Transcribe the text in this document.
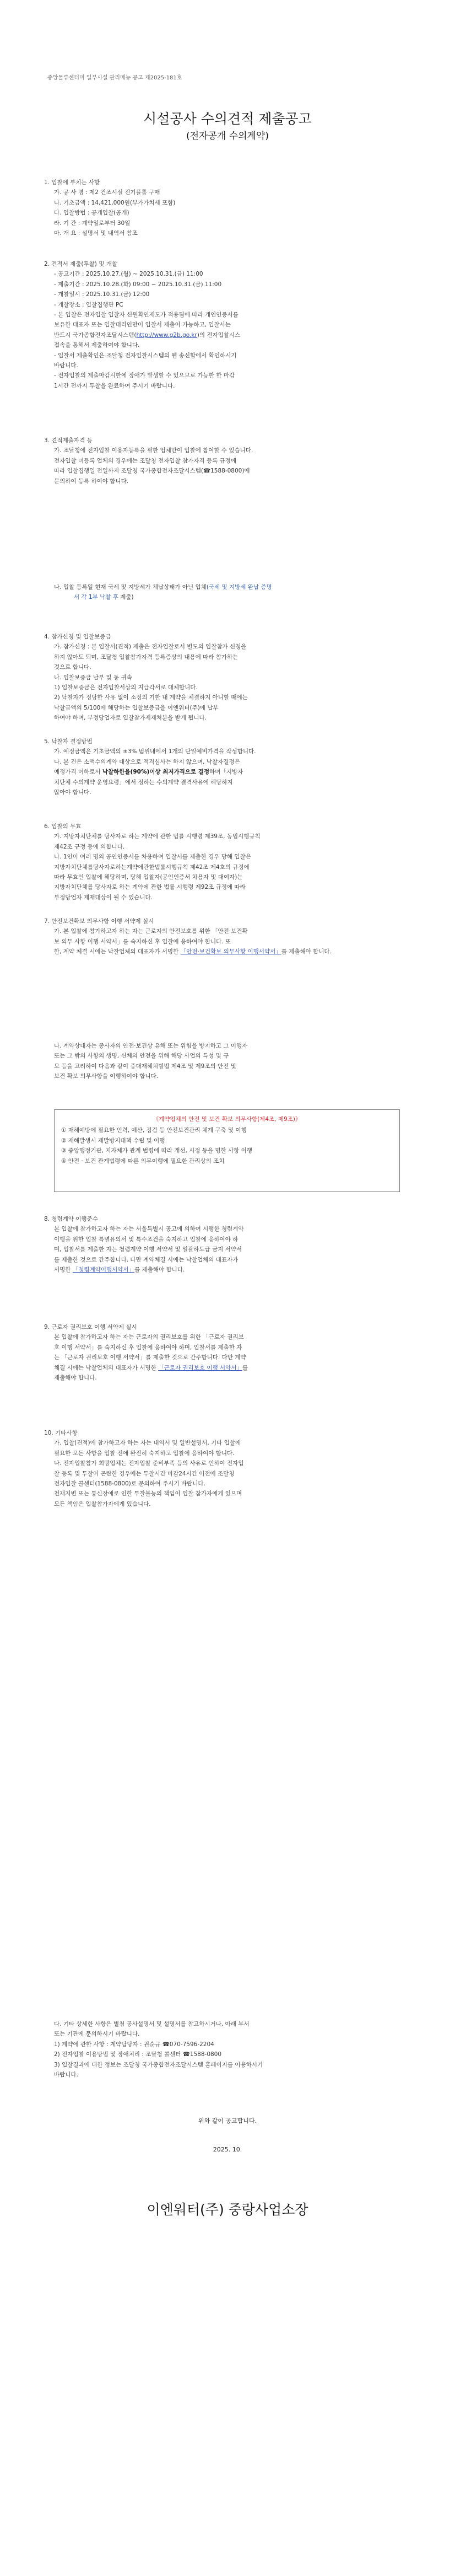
중앙물류센터미 일부시설 관리매뉴 공고 제2025-181호
시설공사 수의견적 제출공고
(전자공개 수의계약)
1. 입찰에 부치는 사항
가. 공 사 명 : 제2 건조시설 전기플룸 구매
나. 기초금액 : 14,421,000원(부가가치세 포함)
다. 입찰방법 : 공개입찰(공개)
라. 기 간 : 계약일로부터 30일
마. 개 요 : 설명서 및 내역서 참조
2. 견적서 제출(투찰) 및 개찰
- 공고기간 : 2025.10.27.(월) ~ 2025.10.31.(금) 11:00
- 제출기간 : 2025.10.28.(화) 09:00 ~ 2025.10.31.(금) 11:00
- 개찰일시 : 2025.10.31.(금) 12:00
- 개찰장소 : 입찰집행관 PC
- 본 입찰은 전자입찰 입찰자 신원확인제도가 적용됨에 따라 개인인증서를
보유한 대표자 또는 입찰대리인만이 입찰서 제출이 가능하고, 입찰서는
반드시 국가종합전자조달시스템(http://www.g2b.go.kr)의 전자입찰시스
접속을 통해서 제출하여야 합니다.
- 입찰서 제출확인은 조달청 전자입찰시스템의 웹 송신함에서 확인하시기
바랍니다.
- 전자입찰의 제출마감시한에 장애가 발생할 수 있으므로 가능한 한 마감
1시간 전까지 투찰을 완료하여 주시기 바랍니다.
3. 견적제출자격 등
가. 조달청에 전자입찰 이용자등록을 필한 업체만이 입찰에 참여할 수 있습니다.
전자입찰 미등록 업체의 경우에는 조달청 전자입찰 참가자격 등록 규정에
따라 입찰집행일 전일까지 조달청 국가종합전자조달시스템(☎1588-0800)에
문의하여 등록 하여야 합니다.
나. 입찰 등록일 현재 국세 및 지방세가 체납상태가 아닌 업체(국세 및 지방세 완납 증명
서 각 1부 낙찰 후 제출)
4. 참가신청 및 입찰보증금
가. 참가신청 : 본 입찰서(견적) 제출은 전자입찰로서 별도의 입찰참가 신청을
하지 않아도 되며, 조달청 입찰참가자격 등록증상의 내용에 따라 참가하는
것으로 합니다.
나. 입찰보증금 납부 및 동 귀속
1) 입찰보증금은 전자입찰서상의 지급각서로 대체합니다.
2) 낙찰자가 정당한 사유 없이 소정의 기한 내 계약을 체결하지 아니할 때에는
낙찰금액의 5/100에 해당하는 입찰보증금을 이엔워터(주)에 납부
하여야 하며, 부정당업자로 입찰참가제재처분을 받게 됩니다.
5. 낙찰자 결정방법
가. 예정금액은 기초금액의 ±3% 범위내에서 1개의 단일예비가격을 작성합니다.
나. 본 건은 소액수의계약 대상으로 적격심사는 하지 않으며, 낙찰자결정은
예정가격 이하로서 낙찰하한율(90%)이상 최저가격으로 결정하며「지방자
치단체 수의계약 운영요령」에서 정하는 수의계약 결격사유에 해당하지
않아야 합니다.
6. 입찰의 무효
가. 지방자치단체를 당사자로 하는 계약에 관한 법률 시행령 제39조, 동법시행규칙
제42조 규정 등에 의합니다.
나. 1인이 여러 명의 공인인증서를 차용하여 입찰서를 제출한 경우 당해 입찰은
지방자치단체를당사자로하는계약에관한법률시행규칙 제42조 제4호의 규정에
따라 무효인 입찰에 해당하며, 당해 입찰자(공인인증서 차용자 및 대여자)는
지방자치단체를 당사자로 하는 계약에 관한 법률 시행령 제92조 규정에 따라
부정당업자 제재대상이 될 수 있습니다.
7. 안전보건확보 의무사항 이행 서약제 실시
가. 본 입찰에 참가하고자 하는 자는 근로자의 안전보호를 위한 「안전·보건확
보 의무 사항 이행 서약서」를 숙지하신 후 입찰에 응하여야 합니다. 또
한, 계약 체결 시에는 낙찰업체의 대표자가 서명한 「안전·보건확보 의무사항 이행서약서」를 제출해야 합니다.
나. 계약상대자는 종사자의 안전·보건상 유해 또는 위험을 방지하고 그 이행자
또는 그 밖의 사항의 생명, 신체의 안전을 위해 해당 사업의 특성 및 규
모 등을 고려하여 다음과 같이 중대재해처벌법 제4조 및 제9조의 안전 및
보건 확보 의무사항을 이행하여야 합니다.
《계약업체의 안전 및 보건 확보 의무사항(제4조, 제9조)》
① 재해예방에 필요한 인력, 예산, 점검 등 안전보건관리 체계 구축 및 이행
② 재해발생시 재발방지대책 수립 및 이행
③ 중앙행정기관, 지자체가 관계 법령에 따라 개선, 시정 등을 명한 사항 이행
④ 안전 · 보건 관계법령에 따른 의무이행에 필요한 관리상의 조치
8. 청렴계약 이행준수
본 입찰에 참가하고자 하는 자는 서울특별시 공고에 의하여 시행한 청렴계약
이행을 위한 입찰 특별유의서 및 특수조건을 숙지하고 입찰에 응하여야 하
며, 입찰서를 제출한 자는 청렴계약 이행 서약서 및 일괄하도급 금지 서약서
를 제출한 것으로 간주합니다. 다만 계약체결 시에는 낙찰업체의 대표자가
서명한 「청렴계약이행서약서」를 제출해야 합니다.
9. 근로자 권리보호 이행 서약제 실시
본 입찰에 참가하고자 하는 자는 근로자의 권리보호를 위한 「근로자 권리보
호 이행 서약서」를 숙지하신 후 입찰에 응하여야 하며, 입찰서를 제출한 자
는 「근로자 권리보호 이행 서약서」를 제출한 것으로 간주합니다. 다만 계약
체결 시에는 낙찰업체의 대표자가 서명한 「근로자 권리보호 이행 서약서」를
제출해야 합니다.
10. 기타사항
가. 입찰(견적)에 참가하고자 하는 자는 내역서 및 일반설명서, 기타 입찰에
필요한 모든 사항을 입찰 전에 완전히 숙지하고 입찰에 응하여야 합니다.
나. 전자입찰참가 희망업체는 전자입찰 준비부족 등의 사유로 인하여 전자입
찰 등록 및 투찰이 곤란한 경우에는 투찰시간 마감24시간 이전에 조달청
전자입찰 콜센터(1588-0800)로 문의하여 주시기 바랍니다.
천재지변 또는 통신장애로 인한 투찰불능의 책임이 입찰 참가자에게 있으며
모든 책임은 입찰참가자에게 있습니다.
다. 기타 상세한 사항은 별첨 공사설명서 및 설명서를 참고하시거나, 아래 부서
또는 기관에 문의하시기 바랍니다.
1) 계약에 관한 사항 : 계약담당자 : 권순규 ☎070-7596-2204
2) 전자입찰 이용방법 및 장애처리 : 조달청 콜센터 ☎1588-0800
3) 입찰결과에 대한 정보는 조달청 국가종합전자조달시스템 홈페이지를 이용하시기
바랍니다.
위와 같이 공고합니다.
2025. 10.
이엔워터(주) 중랑사업소장
